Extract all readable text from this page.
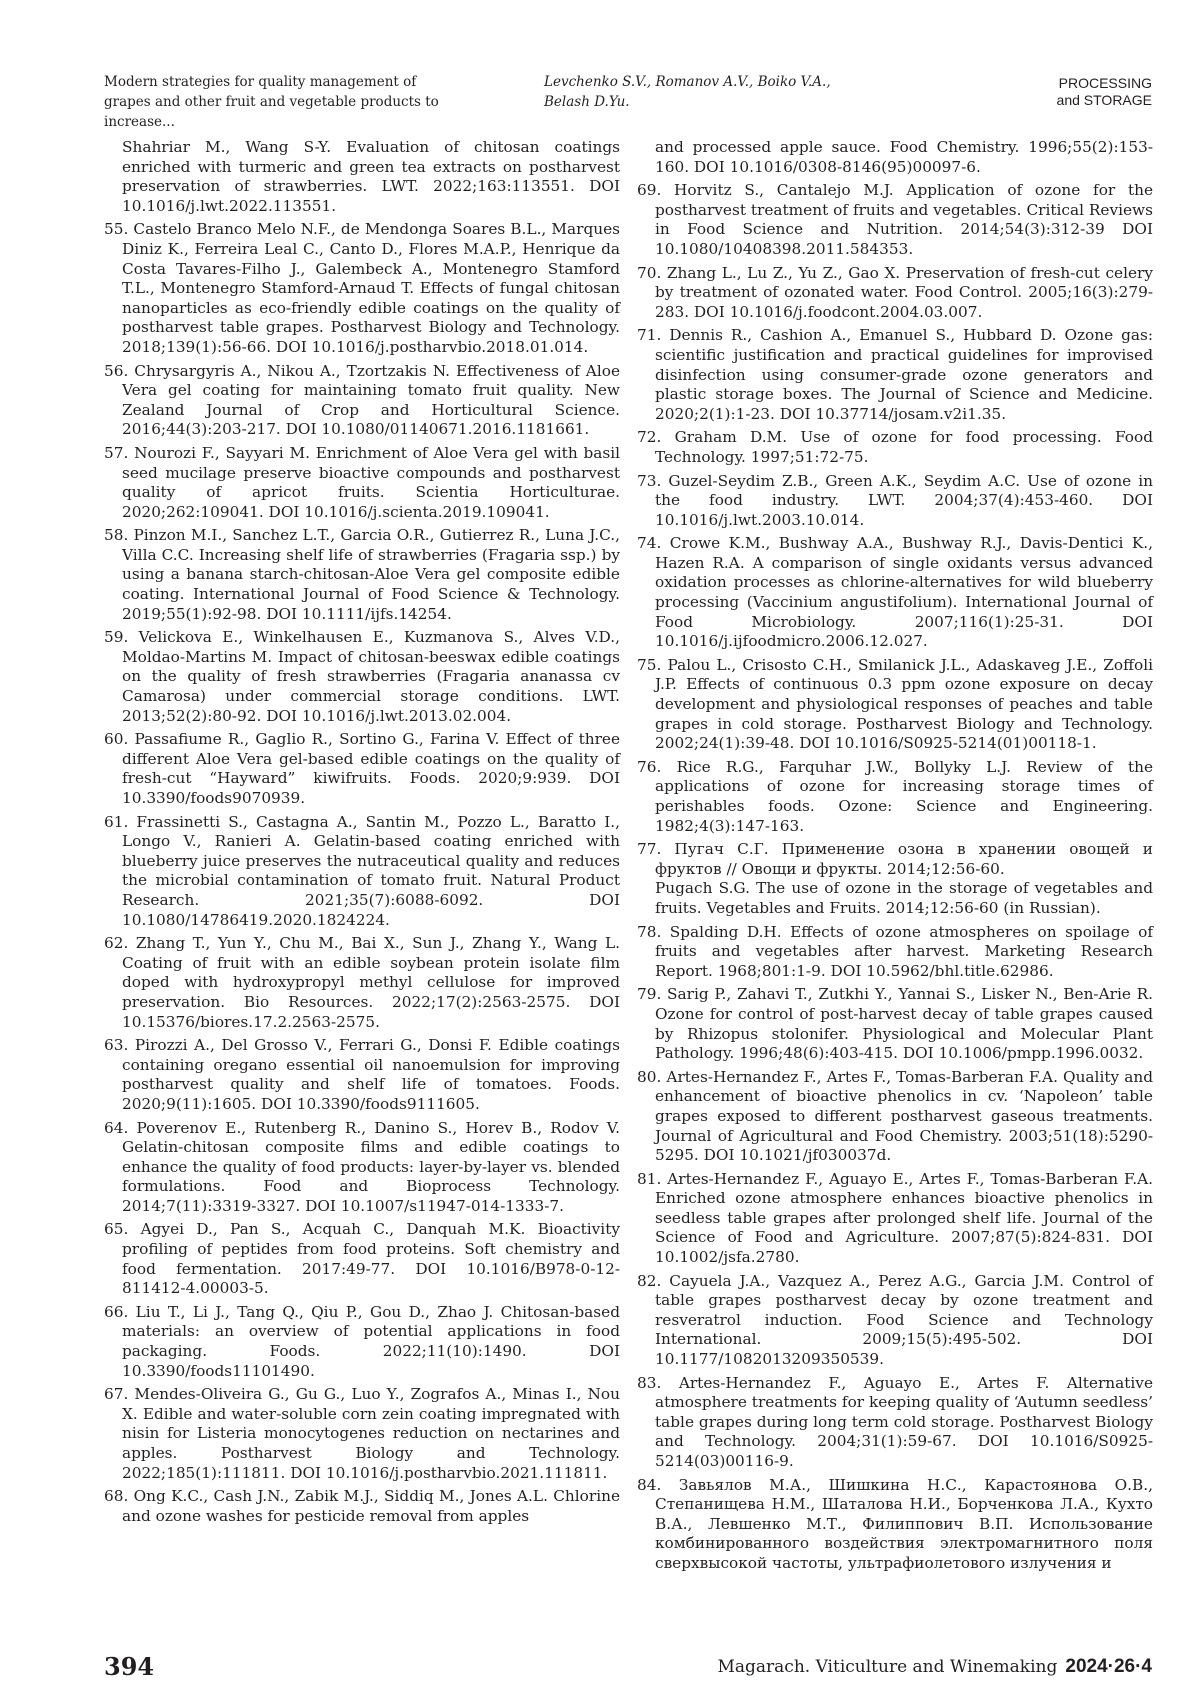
Modern strategies for quality management of grapes and other fruit and vegetable products to increase...
Levchenko S.V., Romanov A.V., Boiko V.A., Belash D.Yu.
PROCESSING
and STORAGE

Shahriar M., Wang S-Y. Evaluation of chitosan coatings enriched with turmeric and green tea extracts on postharvest preservation of strawberries. LWT. 2022;163:113551. DOI 10.1016/j.lwt.2022.113551.

55. Castelo Branco Melo N.F., de Mendonga Soares B.L., Marques Diniz K., Ferreira Leal C., Canto D., Flores M.A.P., Henrique da Costa Tavares-Filho J., Galembeck A., Montenegro Stamford T.L., Montenegro Stamford-Arnaud T. Effects of fungal chitosan nanoparticles as eco-friendly edible coatings on the quality of postharvest table grapes. Postharvest Biology and Technology. 2018;139(1):56-66. DOI 10.1016/j.postharvbio.2018.01.014.

56. Chrysargyris A., Nikou A., Tzortzakis N. Effectiveness of Aloe Vera gel coating for maintaining tomato fruit quality. New Zealand Journal of Crop and Horticultural Science. 2016;44(3):203-217. DOI 10.1080/01140671.2016.1181661.

57. Nourozi F., Sayyari M. Enrichment of Aloe Vera gel with basil seed mucilage preserve bioactive compounds and postharvest quality of apricot fruits. Scientia Horticulturae. 2020;262:109041. DOI 10.1016/j.scienta.2019.109041.

58. Pinzon M.I., Sanchez L.T., Garcia O.R., Gutierrez R., Luna J.C., Villa C.C. Increasing shelf life of strawberries (Fragaria ssp.) by using a banana starch-chitosan-Aloe Vera gel composite edible coating. International Journal of Food Science & Technology. 2019;55(1):92-98. DOI 10.1111/ijfs.14254.

59. Velickova E., Winkelhausen E., Kuzmanova S., Alves V.D., Moldao-Martins M. Impact of chitosan-beeswax edible coatings on the quality of fresh strawberries (Fragaria ananassa cv Camarosa) under commercial storage conditions. LWT. 2013;52(2):80-92. DOI 10.1016/j.lwt.2013.02.004.

60. Passafiume R., Gaglio R., Sortino G., Farina V. Effect of three different Aloe Vera gel-based edible coatings on the quality of fresh-cut “Hayward” kiwifruits. Foods. 2020;9:939. DOI 10.3390/foods9070939.

61. Frassinetti S., Castagna A., Santin M., Pozzo L., Baratto I., Longo V., Ranieri A. Gelatin-based coating enriched with blueberry juice preserves the nutraceutical quality and reduces the microbial contamination of tomato fruit. Natural Product Research. 2021;35(7):6088-6092. DOI 10.1080/14786419.2020.1824224.

62. Zhang T., Yun Y., Chu M., Bai X., Sun J., Zhang Y., Wang L. Coating of fruit with an edible soybean protein isolate film doped with hydroxypropyl methyl cellulose for improved preservation. Bio Resources. 2022;17(2):2563-2575. DOI 10.15376/biores.17.2.2563-2575.

63. Pirozzi A., Del Grosso V., Ferrari G., Donsi F. Edible coatings containing oregano essential oil nanoemulsion for improving postharvest quality and shelf life of tomatoes. Foods. 2020;9(11):1605. DOI 10.3390/foods9111605.

64. Poverenov E., Rutenberg R., Danino S., Horev B., Rodov V. Gelatin-chitosan composite films and edible coatings to enhance the quality of food products: layer-by-layer vs. blended formulations. Food and Bioprocess Technology. 2014;7(11):3319-3327. DOI 10.1007/s11947-014-1333-7.

65. Agyei D., Pan S., Acquah C., Danquah M.K. Bioactivity profiling of peptides from food proteins. Soft chemistry and food fermentation. 2017:49-77. DOI 10.1016/B978-0-12-811412-4.00003-5.

66. Liu T., Li J., Tang Q., Qiu P., Gou D., Zhao J. Chitosan-based materials: an overview of potential applications in food packaging. Foods. 2022;11(10):1490. DOI 10.3390/foods11101490.

67. Mendes-Oliveira G., Gu G., Luo Y., Zografos A., Minas I., Nou X. Edible and water-soluble corn zein coating impregnated with nisin for Listeria monocytogenes reduction on nectarines and apples. Postharvest Biology and Technology. 2022;185(1):111811. DOI 10.1016/j.postharvbio.2021.111811.

68. Ong K.C., Cash J.N., Zabik M.J., Siddiq M., Jones A.L. Chlorine and ozone washes for pesticide removal from apples

and processed apple sauce. Food Chemistry. 1996;55(2):153-160. DOI 10.1016/0308-8146(95)00097-6.

69. Horvitz S., Cantalejo M.J. Application of ozone for the postharvest treatment of fruits and vegetables. Critical Reviews in Food Science and Nutrition. 2014;54(3):312-39 DOI 10.1080/10408398.2011.584353.

70. Zhang L., Lu Z., Yu Z., Gao X. Preservation of fresh-cut celery by treatment of ozonated water. Food Control. 2005;16(3):279-283. DOI 10.1016/j.foodcont.2004.03.007.

71. Dennis R., Cashion A., Emanuel S., Hubbard D. Ozone gas: scientific justification and practical guidelines for improvised disinfection using consumer-grade ozone generators and plastic storage boxes. The Journal of Science and Medicine. 2020;2(1):1-23. DOI 10.37714/josam.v2i1.35.

72. Graham D.M. Use of ozone for food processing. Food Technology. 1997;51:72-75.

73. Guzel-Seydim Z.B., Green A.K., Seydim A.C. Use of ozone in the food industry. LWT. 2004;37(4):453-460. DOI 10.1016/j.lwt.2003.10.014.

74. Crowe K.M., Bushway A.A., Bushway R.J., Davis-Dentici K., Hazen R.A. A comparison of single oxidants versus advanced oxidation processes as chlorine-alternatives for wild blueberry processing (Vaccinium angustifolium). International Journal of Food Microbiology. 2007;116(1):25-31. DOI 10.1016/j.ijfoodmicro.2006.12.027.

75. Palou L., Crisosto C.H., Smilanick J.L., Adaskaveg J.E., Zoffoli J.P. Effects of continuous 0.3 ppm ozone exposure on decay development and physiological responses of peaches and table grapes in cold storage. Postharvest Biology and Technology. 2002;24(1):39-48. DOI 10.1016/S0925-5214(01)00118-1.

76. Rice R.G., Farquhar J.W., Bollyky L.J. Review of the applications of ozone for increasing storage times of perishables foods. Ozone: Science and Engineering. 1982;4(3):147-163.

77. Пугач С.Г. Применение озона в хранении овощей и фруктов // Овощи и фрукты. 2014;12:56-60.

Pugach S.G. The use of ozone in the storage of vegetables and fruits. Vegetables and Fruits. 2014;12:56-60 (in Russian).

78. Spalding D.H. Effects of ozone atmospheres on spoilage of fruits and vegetables after harvest. Marketing Research Report. 1968;801:1-9. DOI 10.5962/bhl.title.62986.

79. Sarig P., Zahavi T., Zutkhi Y., Yannai S., Lisker N., Ben-Arie R. Ozone for control of post-harvest decay of table grapes caused by Rhizopus stolonifer. Physiological and Molecular Plant Pathology. 1996;48(6):403-415. DOI 10.1006/pmpp.1996.0032.

80. Artes-Hernandez F., Artes F., Tomas-Barberan F.A. Quality and enhancement of bioactive phenolics in cv. ‘Napoleon’ table grapes exposed to different postharvest gaseous treatments. Journal of Agricultural and Food Chemistry. 2003;51(18):5290-5295. DOI 10.1021/jf030037d.

81. Artes-Hernandez F., Aguayo E., Artes F., Tomas-Barberan F.A. Enriched ozone atmosphere enhances bioactive phenolics in seedless table grapes after prolonged shelf life. Journal of the Science of Food and Agriculture. 2007;87(5):824-831. DOI 10.1002/jsfa.2780.

82. Cayuela J.A., Vazquez A., Perez A.G., Garcia J.M. Control of table grapes postharvest decay by ozone treatment and resveratrol induction. Food Science and Technology International. 2009;15(5):495-502. DOI 10.1177/1082013209350539.

83. Artes-Hernandez F., Aguayo E., Artes F. Alternative atmosphere treatments for keeping quality of ‘Autumn seedless’ table grapes during long term cold storage. Postharvest Biology and Technology. 2004;31(1):59-67. DOI 10.1016/S0925-5214(03)00116-9.

84. Завьялов М.А., Шишкина Н.С., Карастоянова О.В., Степанищева Н.М., Шаталова Н.И., Борченкова Л.А., Кухто В.А., Левшенко М.Т., Филиппович В.П. Использование комбинированного воздействия электромагнитного поля сверхвысокой частоты, ультрафиолетового излучения и

394	Magarach. Viticulture and Winemaking 2024·26·4
